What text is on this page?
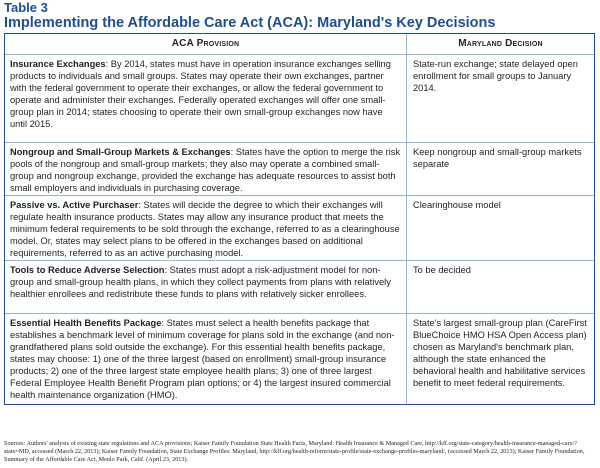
Table 3
Implementing the Affordable Care Act (ACA): Maryland's Key Decisions
ACA Provision	Maryland Decision
Insurance Exchanges: By 2014, states must have in operation insurance exchanges selling products to individuals and small groups. States may operate their own exchanges, partner with the federal government to operate their exchanges, or allow the federal government to operate and administer their exchanges. Federally operated exchanges will offer one small-group plan in 2014; states choosing to operate their own small-group exchanges now have until 2015.
State-run exchange; state delayed open enrollment for small groups to January 2014.
Nongroup and Small-Group Markets & Exchanges: States have the option to merge the risk pools of the nongroup and small-group markets; they also may operate a combined small-group and nongroup exchange, provided the exchange has adequate resources to assist both small employers and individuals in purchasing coverage.
Keep nongroup and small-group markets separate
Passive vs. Active Purchaser: States will decide the degree to which their exchanges will regulate health insurance products. States may allow any insurance product that meets the minimum federal requirements to be sold through the exchange, referred to as a clearinghouse model. Or, states may select plans to be offered in the exchanges based on additional requirements, referred to as an active purchasing model.
Clearinghouse model
Tools to Reduce Adverse Selection: States must adopt a risk-adjustment model for non-group and small-group health plans, in which they collect payments from plans with relatively healthier enrollees and redistribute these funds to plans with relatively sicker enrollees.
To be decided
Essential Health Benefits Package: States must select a health benefits package that establishes a benchmark level of minimum coverage for plans sold in the exchange (and non-grandfathered plans sold outside the exchange). For this essential health benefits package, states may choose: 1) one of the three largest (based on enrollment) small-group insurance products; 2) one of the three largest state employee health plans; 3) one of three largest Federal Employee Health Benefit Program plan options; or 4) the largest insured commercial health maintenance organization (HMO).
State's largest small-group plan (CareFirst BlueChoice HMO HSA Open Access plan) chosen as Maryland's benchmark plan, although the state enhanced the behavioral health and habilitative services benefit to meet federal requirements.
Sources: Authors' analysis of existing state regulations and ACA provisions; Kaiser Family Foundation State Health Facts, Maryland: Health Insurance & Managed Care, http://kff.org/state-category/health-insurance-managed-care/?state=MD, accessed (March 22, 2013); Kaiser Family Foundation, State Exchange Profiles: Maryland, http://kff.org/health-reform/state-profile/state-exchange-profiles-maryland/, (accessed March 22, 2013); Kaiser Family Foundation, Summary of the Affordable Care Act, Menlo Park, Calif. (April 23, 2013).
